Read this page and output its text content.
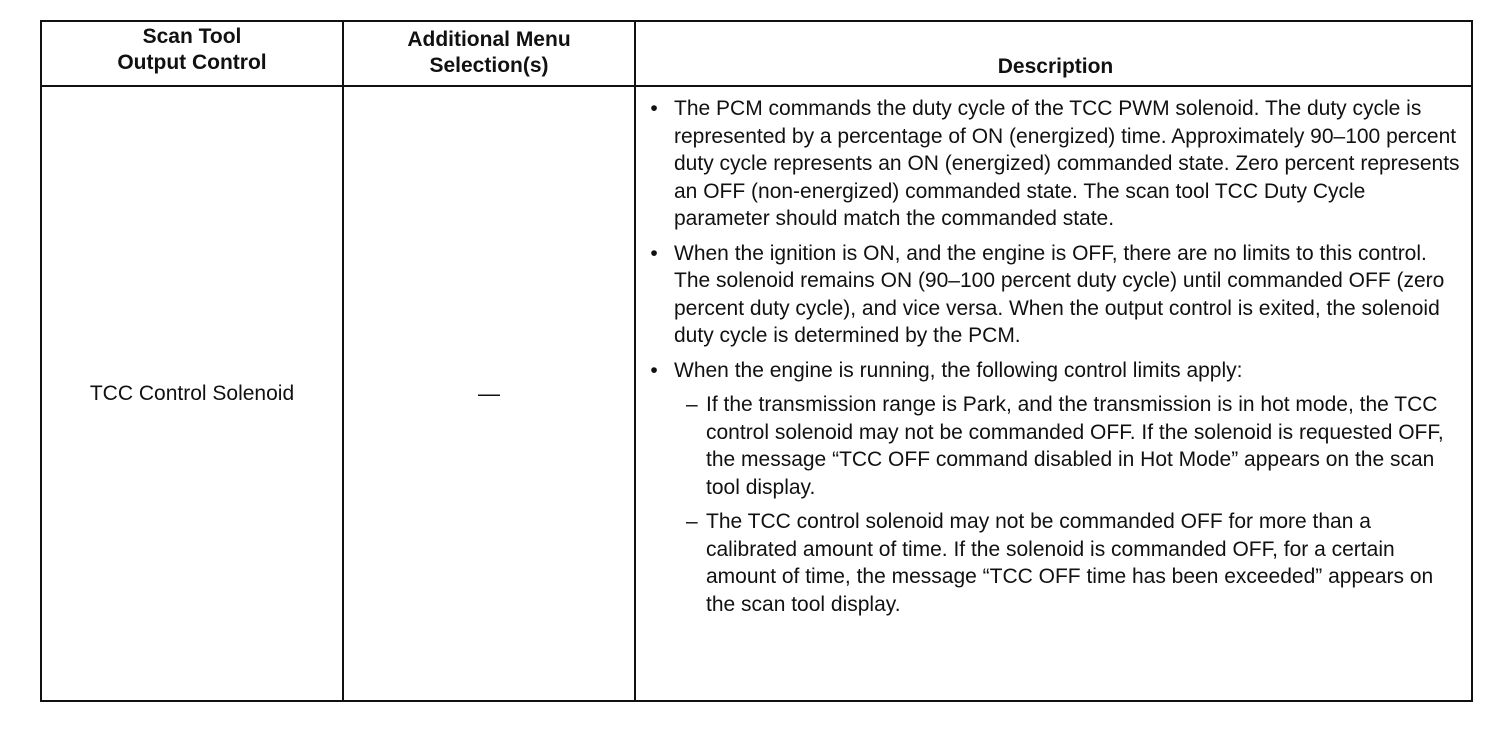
Scan Tool
Output Control
Additional Menu
Selection(s)	Description
TCC Control Solenoid	—
• The PCM commands the duty cycle of the TCC PWM solenoid. The duty cycle is represented by a percentage of ON (energized) time. Approximately 90–100 percent duty cycle represents an ON (energized) commanded state. Zero percent represents an OFF (non-energized) commanded state. The scan tool TCC Duty Cycle parameter should match the commanded state.
• When the ignition is ON, and the engine is OFF, there are no limits to this control. The solenoid remains ON (90–100 percent duty cycle) until commanded OFF (zero percent duty cycle), and vice versa. When the output control is exited, the solenoid duty cycle is determined by the PCM.
• When the engine is running, the following control limits apply:
– If the transmission range is Park, and the transmission is in hot mode, the TCC control solenoid may not be commanded OFF. If the solenoid is requested OFF, the message “TCC OFF command disabled in Hot Mode” appears on the scan tool display.
– The TCC control solenoid may not be commanded OFF for more than a calibrated amount of time. If the solenoid is commanded OFF, for a certain amount of time, the message “TCC OFF time has been exceeded” appears on the scan tool display.
